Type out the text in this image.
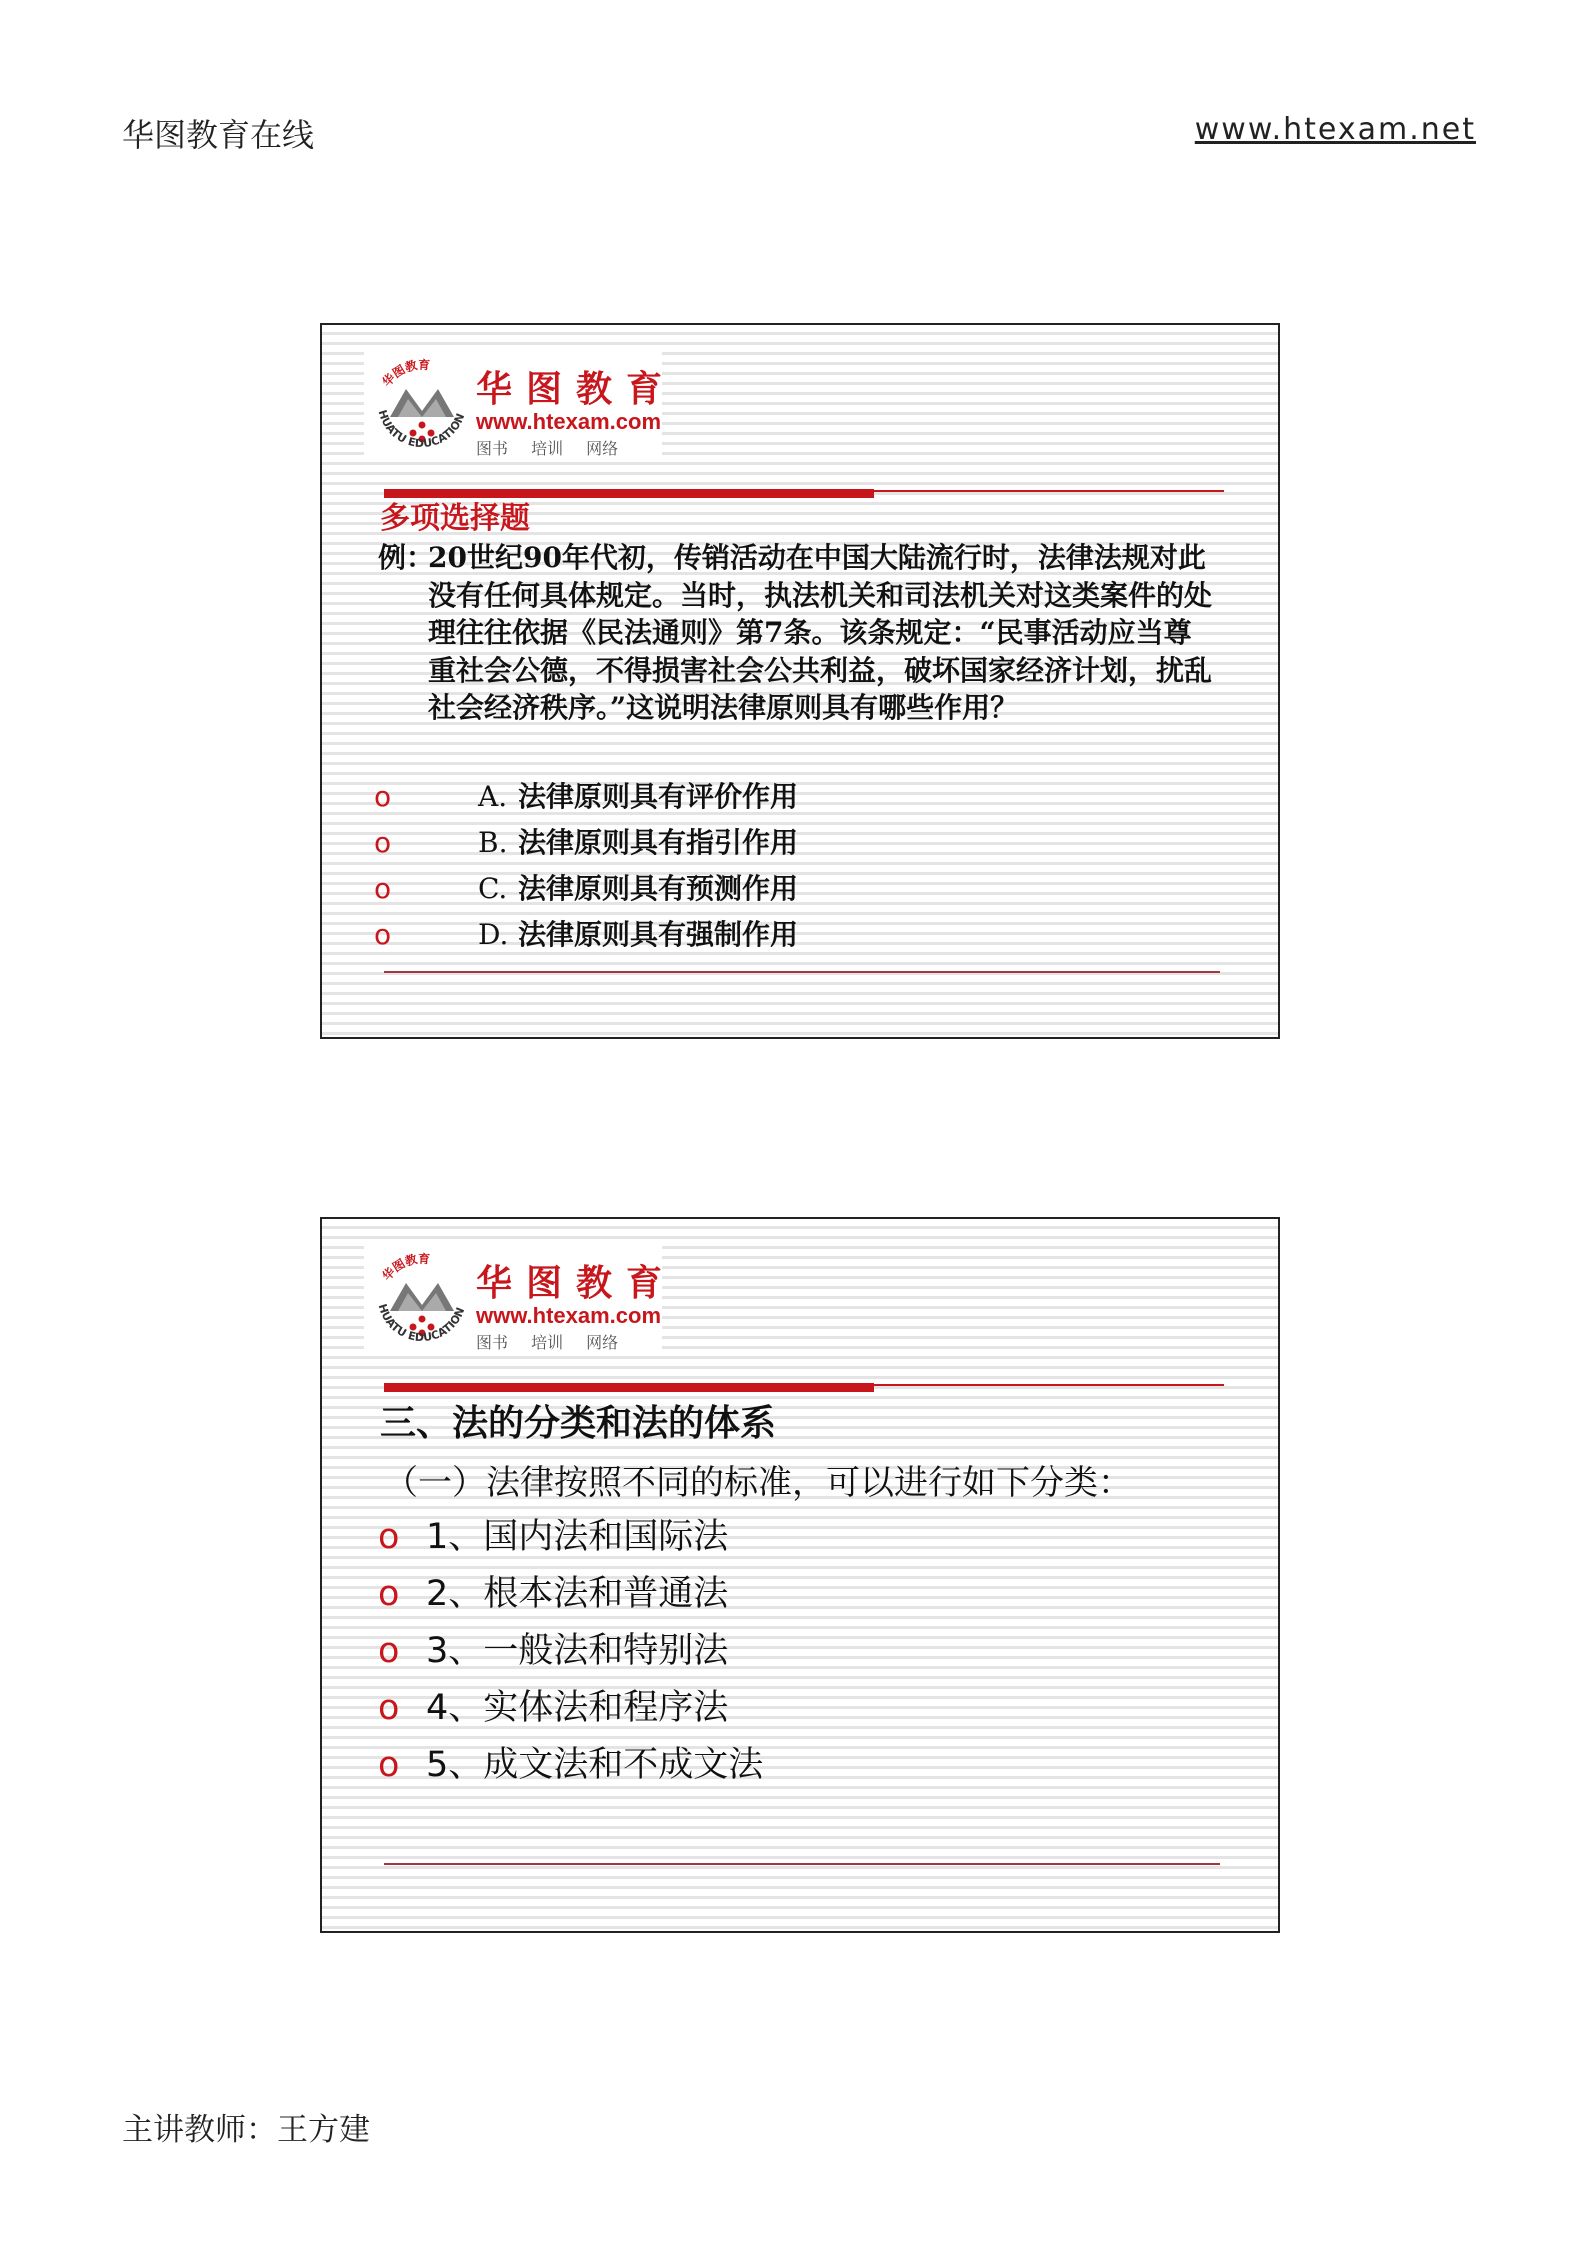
华图教育在线	www.htexam.net
华图教育
HUATU EDUCATION
华图教育
www.htexam.com
图书 培训 网络
多项选择题
例：
20世纪90年代初，传销活动在中国大陆流行时，法律法规对此没有任何具体规定。当时，执法机关和司法机关对这类案件的处理往往依据《民法通则》第7条。该条规定：“民事活动应当尊重社会公德，不得损害社会公共利益，破坏国家经济计划，扰乱社会经济秩序。”这说明法律原则具有哪些作用？
o	A. 法律原则具有评价作用
o	B. 法律原则具有指引作用
o	C. 法律原则具有预测作用
o	D. 法律原则具有强制作用
华图教育
HUATU EDUCATION
华图教育
www.htexam.com
图书 培训 网络
三、法的分类和法的体系
（一）法律按照不同的标准，可以进行如下分类：
o 1、国内法和国际法
o 2、根本法和普通法
o 3、一般法和特别法
o 4、实体法和程序法
o 5、成文法和不成文法
主讲教师：王方建
